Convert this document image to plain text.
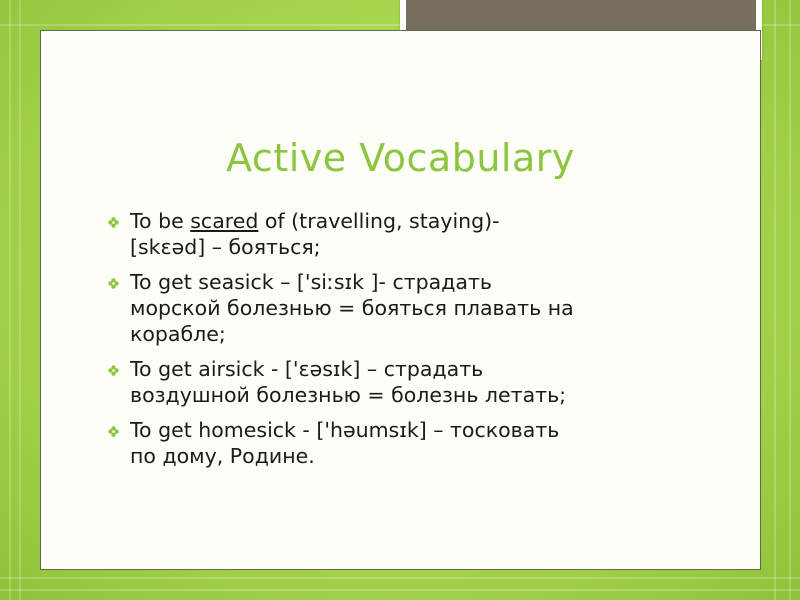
Active Vocabulary
To be scared of (travelling, staying)-
[skɛəd] – бояться;
To get seasick – ['siːsɪk ]- страдать
морской болезнью = бояться плавать на
корабле;
To get airsick - ['ɛəsɪk] – страдать
воздушной болезнью = болезнь летать;
To get homesick - ['həumsɪk] – тосковать
по дому, Родине.
